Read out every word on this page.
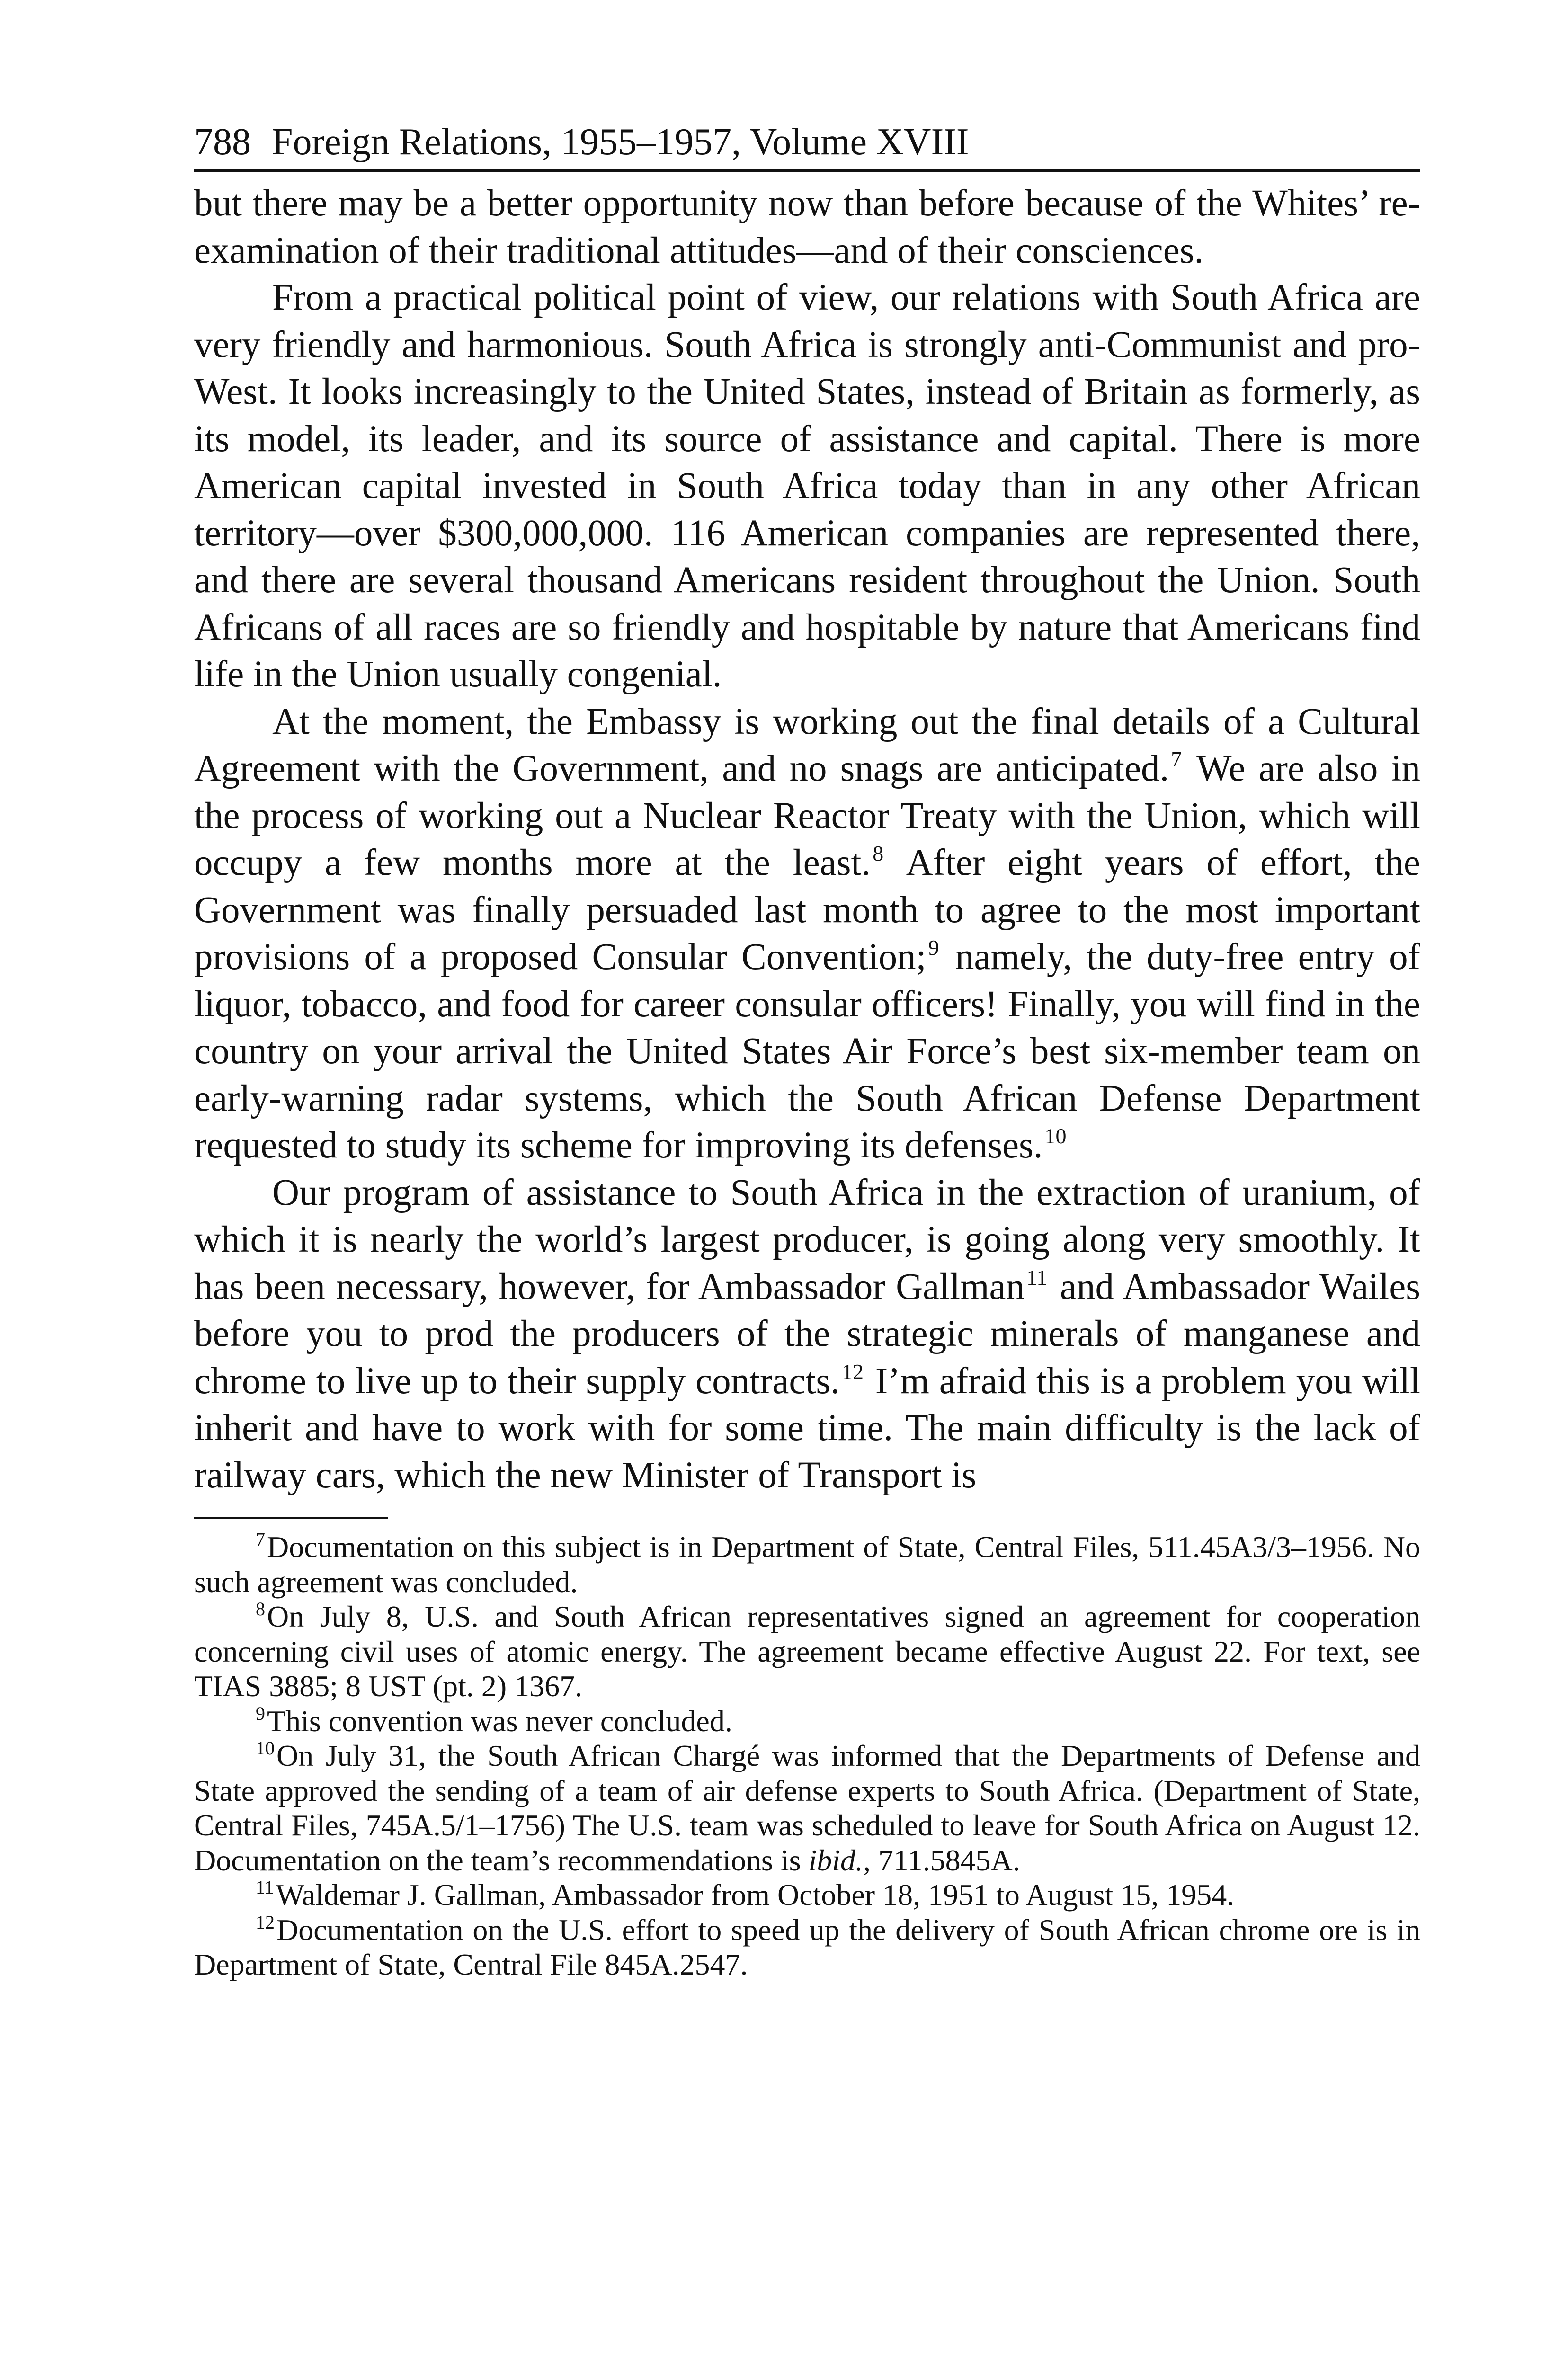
788 Foreign Relations, 1955–1957, Volume XVIII

but there may be a better opportunity now than before because of the Whites’ re-examination of their traditional attitudes—and of their consciences.

From a practical political point of view, our relations with South Africa are very friendly and harmonious. South Africa is strongly anti-Communist and pro-West. It looks increasingly to the United States, instead of Britain as formerly, as its model, its leader, and its source of assistance and capital. There is more American capital invested in South Africa today than in any other African territory—over $300,000,000. 116 American companies are represented there, and there are several thousand Americans resident throughout the Union. South Africans of all races are so friendly and hospitable by nature that Americans find life in the Union usually congenial.

At the moment, the Embassy is working out the final details of a Cultural Agreement with the Government, and no snags are anticipated.$^7$ We are also in the process of working out a Nuclear Reactor Treaty with the Union, which will occupy a few months more at the least.$^8$ After eight years of effort, the Government was finally persuaded last month to agree to the most important provisions of a proposed Consular Convention;$^9$ namely, the duty-free entry of liquor, tobacco, and food for career consular officers! Finally, you will find in the country on your arrival the United States Air Force’s best six-member team on early-warning radar systems, which the South African Defense Department requested to study its scheme for improving its defenses.$^{10}$

Our program of assistance to South Africa in the extraction of uranium, of which it is nearly the world’s largest producer, is going along very smoothly. It has been necessary, however, for Ambassador Gallman$^{11}$ and Ambassador Wailes before you to prod the producers of the strategic minerals of manganese and chrome to live up to their supply contracts.$^{12}$ I’m afraid this is a problem you will inherit and have to work with for some time. The main difficulty is the lack of railway cars, which the new Minister of Transport is

$^7$Documentation on this subject is in Department of State, Central Files, 511.45A3/3–1956. No such agreement was concluded.

$^8$On July 8, U.S. and South African representatives signed an agreement for cooperation concerning civil uses of atomic energy. The agreement became effective August 22. For text, see TIAS 3885; 8 UST (pt. 2) 1367.

$^9$This convention was never concluded.

$^{10}$On July 31, the South African Chargé was informed that the Departments of Defense and State approved the sending of a team of air defense experts to South Africa. (Department of State, Central Files, 745A.5/1–1756) The U.S. team was scheduled to leave for South Africa on August 12. Documentation on the team’s recommendations is ibid., 711.5845A.

$^{11}$Waldemar J. Gallman, Ambassador from October 18, 1951 to August 15, 1954.

$^{12}$Documentation on the U.S. effort to speed up the delivery of South African chrome ore is in Department of State, Central File 845A.2547.
